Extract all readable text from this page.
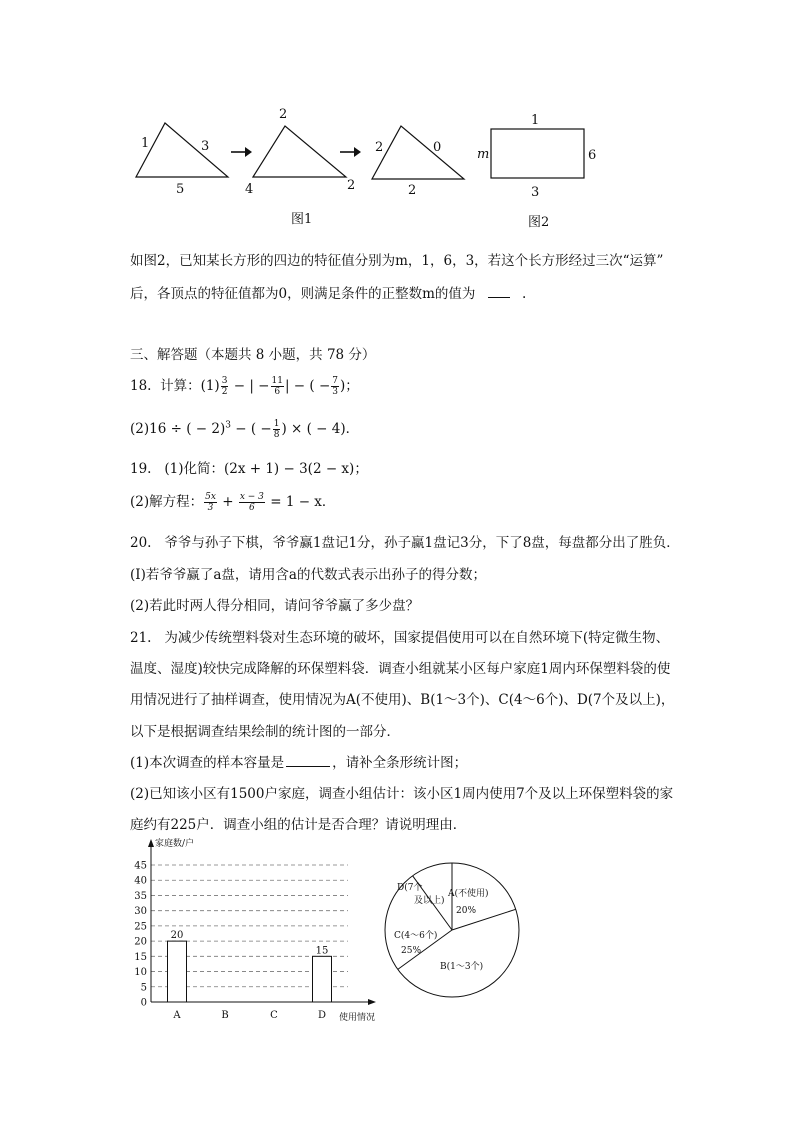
1	3
5
2
4	2
2	0
2
图1
1
m	6
3
图2
如图2，已知某长方形的四边的特征值分别为m，1，6，3，若这个长方形经过三次“运算”
后，各顶点的特征值都为0，则满足条件的正整数m的值为	.
三、解答题（本题共 8 小题，共 78 分）
18. 计算：$(1) \frac{3}{2}$ − | − $\frac{11}{6}$ | − ( − $\frac{7}{3}$ )；
(2)16 ÷ ( − 2)$^3$ − ( − $\frac{1}{8}$ ) × ( − 4)．
19. (1)化简：(2x + 1) − 3(2 − x)；
(2)解方程： $\frac{5x}{3} + \frac{x - 3}{6} = 1 - x$．
20. 爷爷与孙子下棋，爷爷赢1盘记1分，孙子赢1盘记3分，下了8盘，每盘都分出了胜负．
(I)若爷爷赢了a盘，请用含a的代数式表示出孙子的得分数；
(2)若此时两人得分相同，请问爷爷赢了多少盘？
21. 为减少传统塑料袋对生态环境的破坏，国家提倡使用可以在自然环境下(特定微生物、
温度、湿度)较快完成降解的环保塑料袋．调查小组就某小区每户家庭1周内环保塑料袋的使
用情况进行了抽样调查，使用情况为A(不使用)、B(1～3个)、C(4～6个)、D(7个及以上)，
以下是根据调查结果绘制的统计图的一部分．
(1)本次调查的样本容量是	，请补全条形统计图；
(2)已知该小区有1500户家庭，调查小组估计：该小区1周内使用7个及以上环保塑料袋的家
庭约有225户．调查小组的估计是否合理？请说明理由．
0
5
10
15
20
25
30
35
40
45
家庭数/户
使用情况
A
20
B	C	D
15
D(7个
及以上)
A(不使用)
20%
C(4～6个)
25%
B(1～3个)
